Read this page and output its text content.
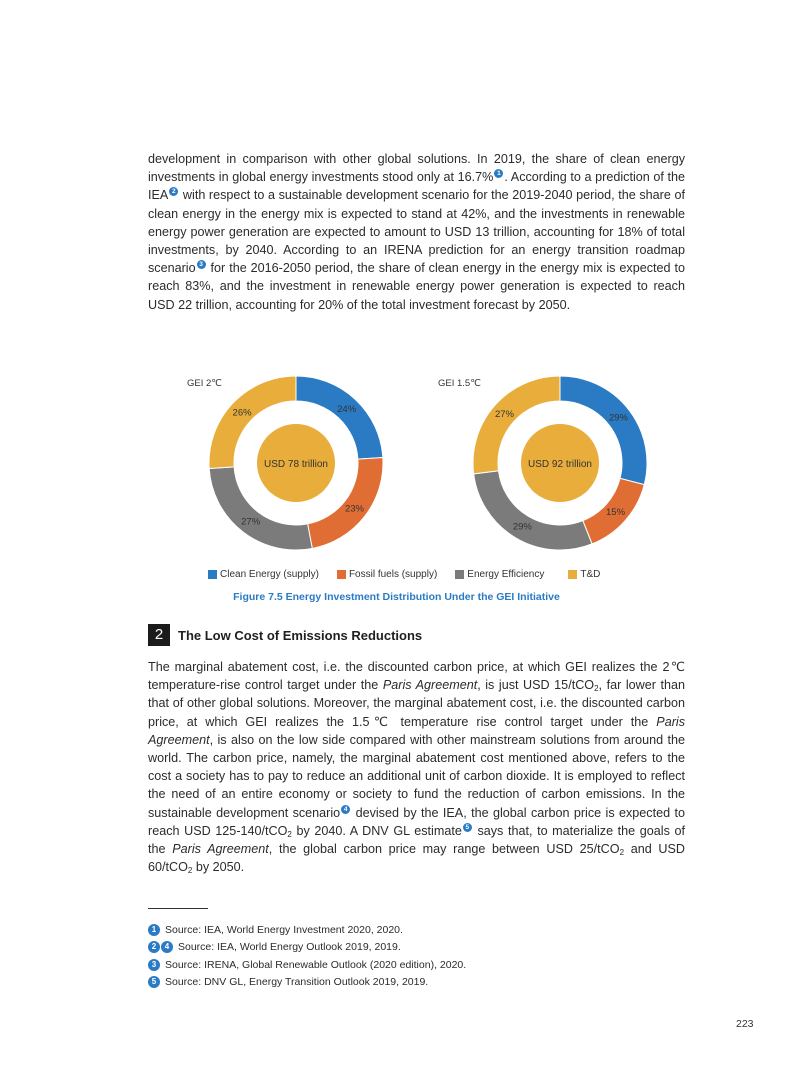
development in comparison with other global solutions. In 2019, the share of clean energy investments in global energy investments stood only at 16.7% $^1$ . According to a prediction of the IEA $^2$ with respect to a sustainable development scenario for the 2019-2040 period, the share of clean energy in the energy mix is expected to stand at 42%, and the investments in renewable energy power generation are expected to amount to USD 13 trillion, accounting for 18% of total investments, by 2040. According to an IRENA prediction for an energy transition roadmap scenario $^3$ for the 2016-2050 period, the share of clean energy in the energy mix is expected to reach 83%, and the investment in renewable energy power generation is expected to reach USD 22 trillion, accounting for 20% of the total investment forecast by 2050.

GEI 2℃	GEI 1.5℃
24%
23%
27%
26%
USD 78 trillion
29%
15%
29%
27%
USD 92 trillion
Clean Energy (supply)	Fossil fuels (supply)	Energy Efficiency	T&D
Figure 7.5 Energy Investment Distribution Under the GEI Initiative
2	The Low Cost of Emissions Reductions

The marginal abatement cost, i.e. the discounted carbon price, at which GEI realizes the 2℃ temperature-rise control target under the Paris Agreement, is just USD 15/tCO$_2$, far lower than that of other global solutions. Moreover, the marginal abatement cost, i.e. the discounted carbon price, at which GEI realizes the 1.5℃ temperature rise control target under the Paris Agreement, is also on the low side compared with other mainstream solutions from around the world. The carbon price, namely, the marginal abatement cost mentioned above, refers to the cost a society has to pay to reduce an additional unit of carbon dioxide. It is employed to reflect the need of an entire economy or society to fund the reduction of carbon emissions. In the sustainable development scenario $^4$ devised by the IEA, the global carbon price is expected to reach USD 125-140/tCO$_2$ by 2040. A DNV GL estimate $^5$ says that, to materialize the goals of the Paris Agreement, the global carbon price may range between USD 25/tCO$_2$ and USD 60/tCO$_2$ by 2050.

1 Source: IEA, World Energy Investment 2020, 2020.
2	4 Source: IEA, World Energy Outlook 2019, 2019.
3 Source: IRENA, Global Renewable Outlook (2020 edition), 2020.
5 Source: DNV GL, Energy Transition Outlook 2019, 2019.
223
